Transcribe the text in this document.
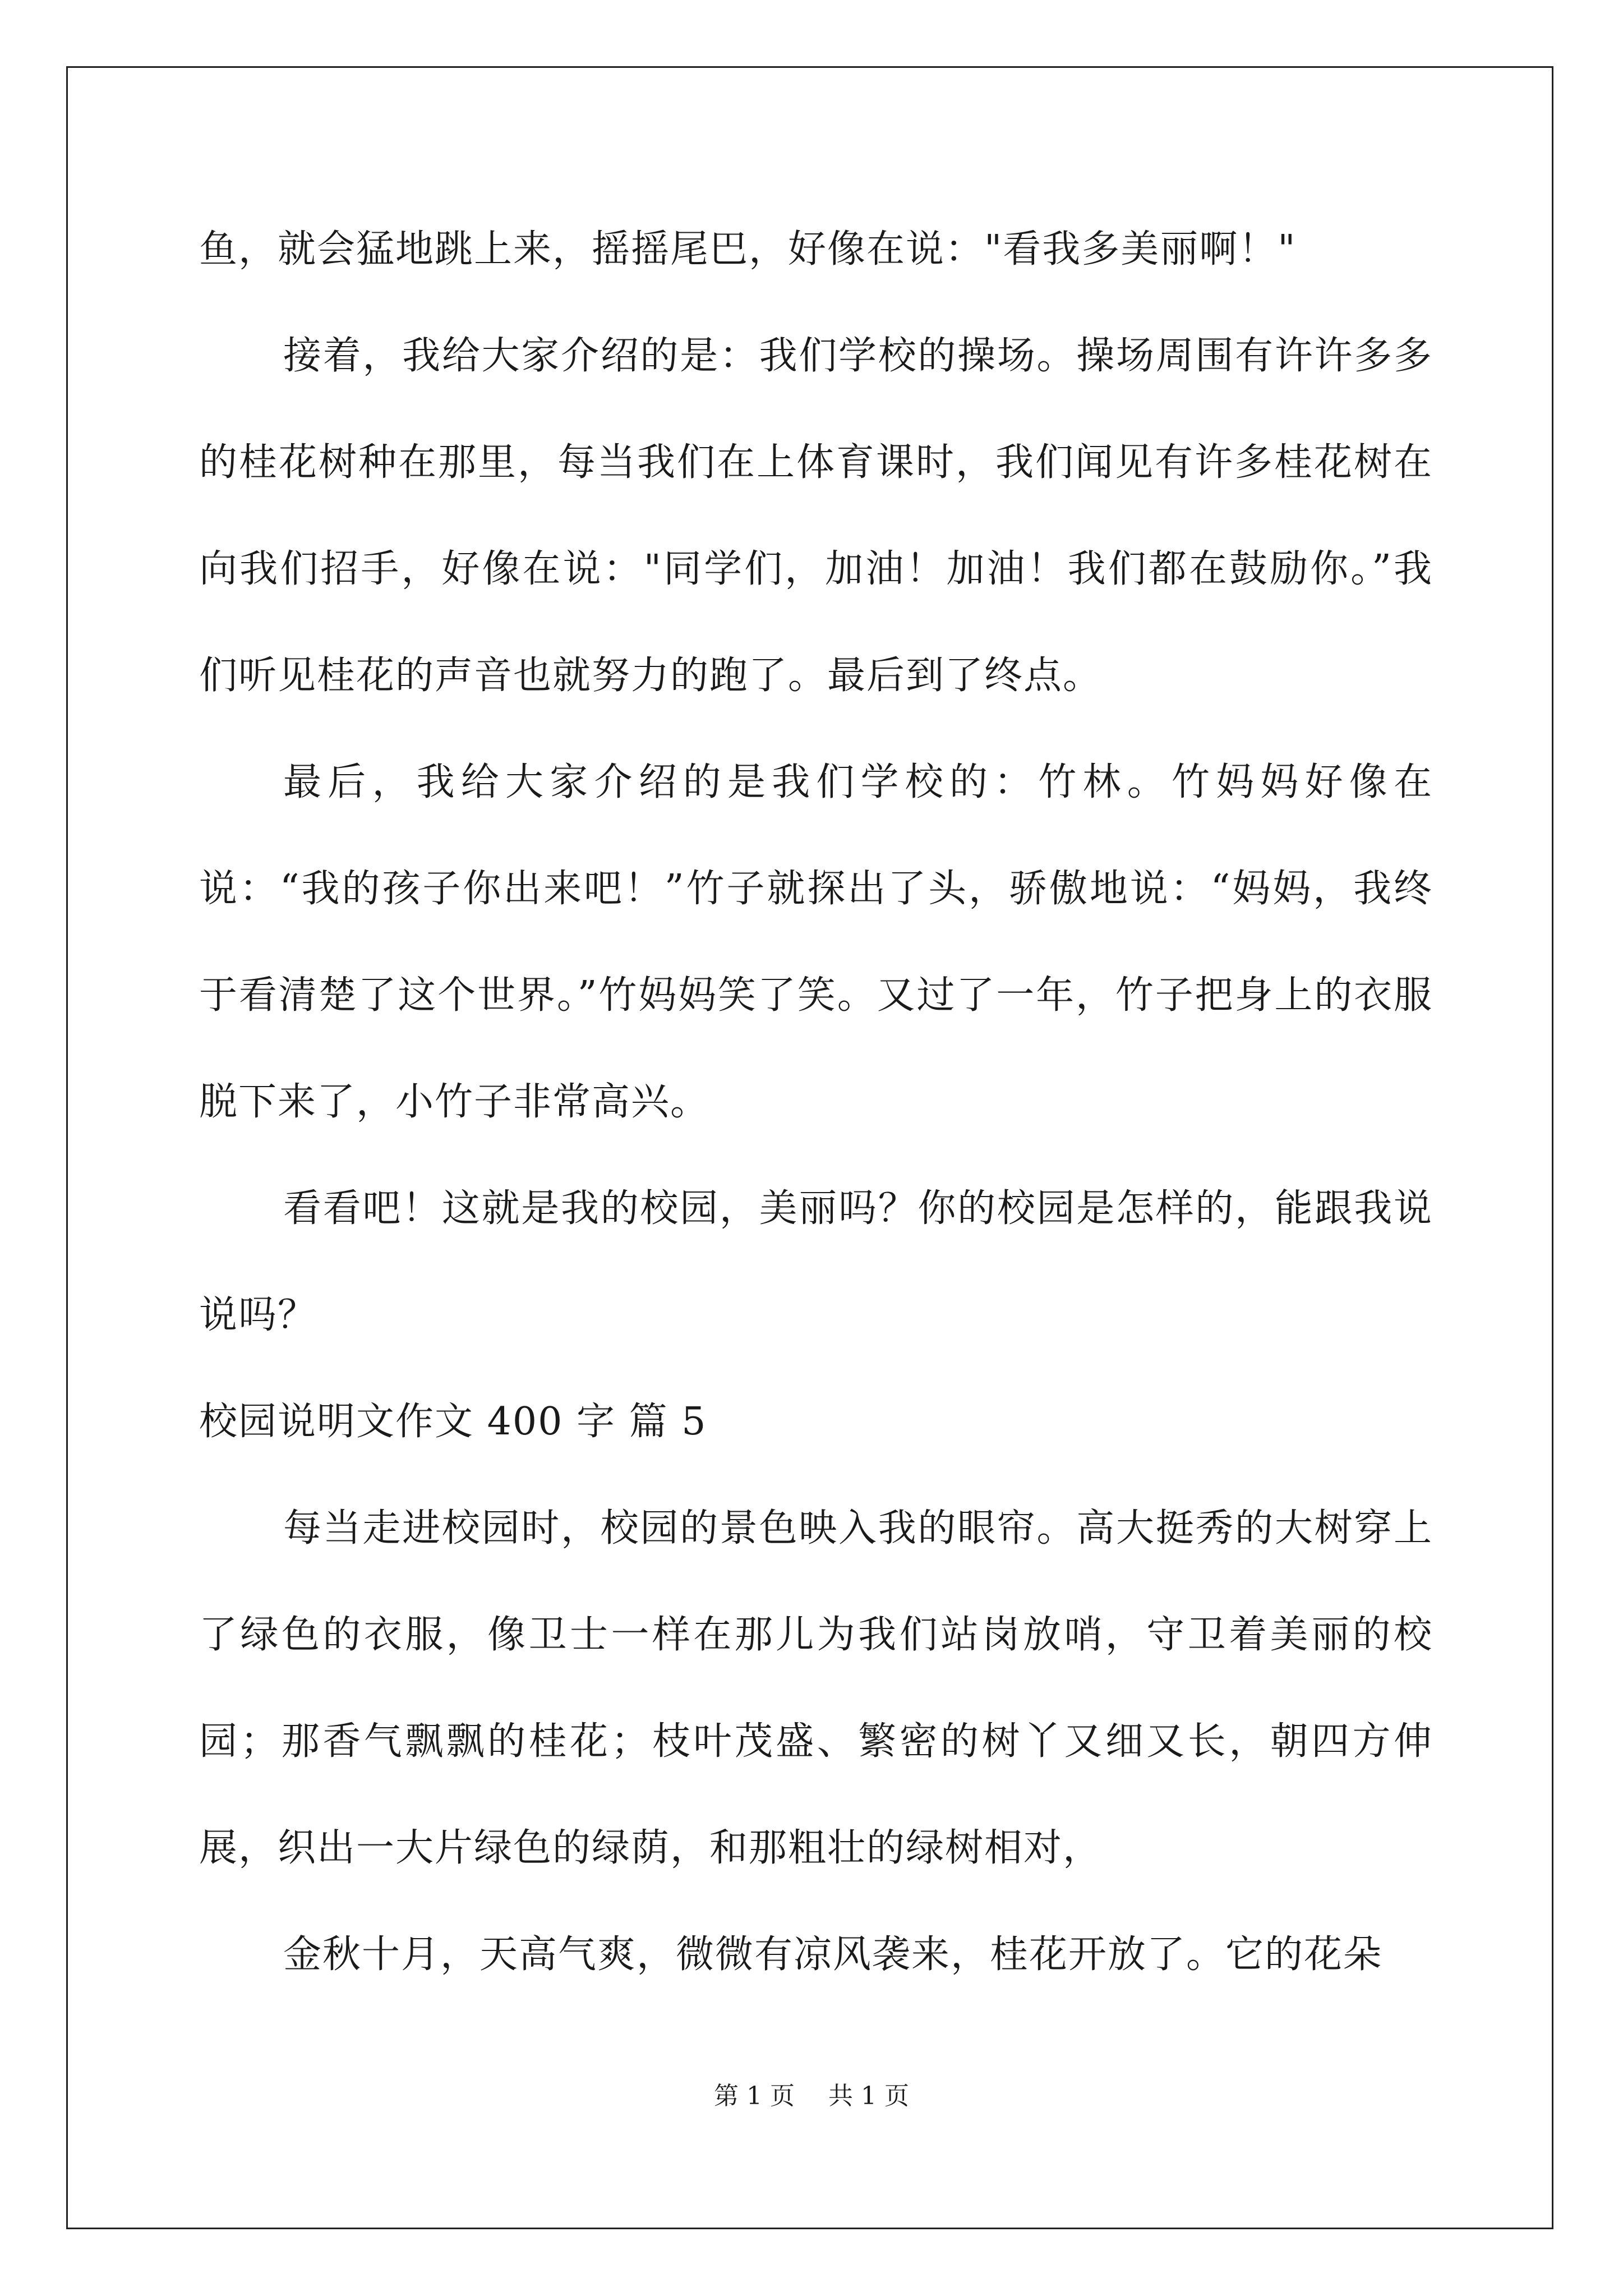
鱼，就会猛地跳上来，摇摇尾巴，好像在说："看我多美丽啊！"

接着，我给大家介绍的是：我们学校的操场。操场周围有许许多多的桂花树种在那里，每当我们在上体育课时，我们闻见有许多桂花树在向我们招手，好像在说："同学们，加油！加油！我们都在鼓励你。”我们听见桂花的声音也就努力的跑了。最后到了终点。

最后，我给大家介绍的是我们学校的：竹林。竹妈妈好像在说：“我的孩子你出来吧！”竹子就探出了头，骄傲地说：“妈妈，我终于看清楚了这个世界。”竹妈妈笑了笑。又过了一年，竹子把身上的衣服脱下来了，小竹子非常高兴。

看看吧！这就是我的校园，美丽吗？你的校园是怎样的，能跟我说说吗？

校园说明文作文 400 字 篇 5

每当走进校园时，校园的景色映入我的眼帘。高大挺秀的大树穿上了绿色的衣服，像卫士一样在那儿为我们站岗放哨，守卫着美丽的校园；那香气飘飘的桂花；枝叶茂盛、繁密的树丫又细又长，朝四方伸展，织出一大片绿色的绿荫，和那粗壮的绿树相对，

金秋十月，天高气爽，微微有凉风袭来，桂花开放了。它的花朵

第 1 页 共 1 页
